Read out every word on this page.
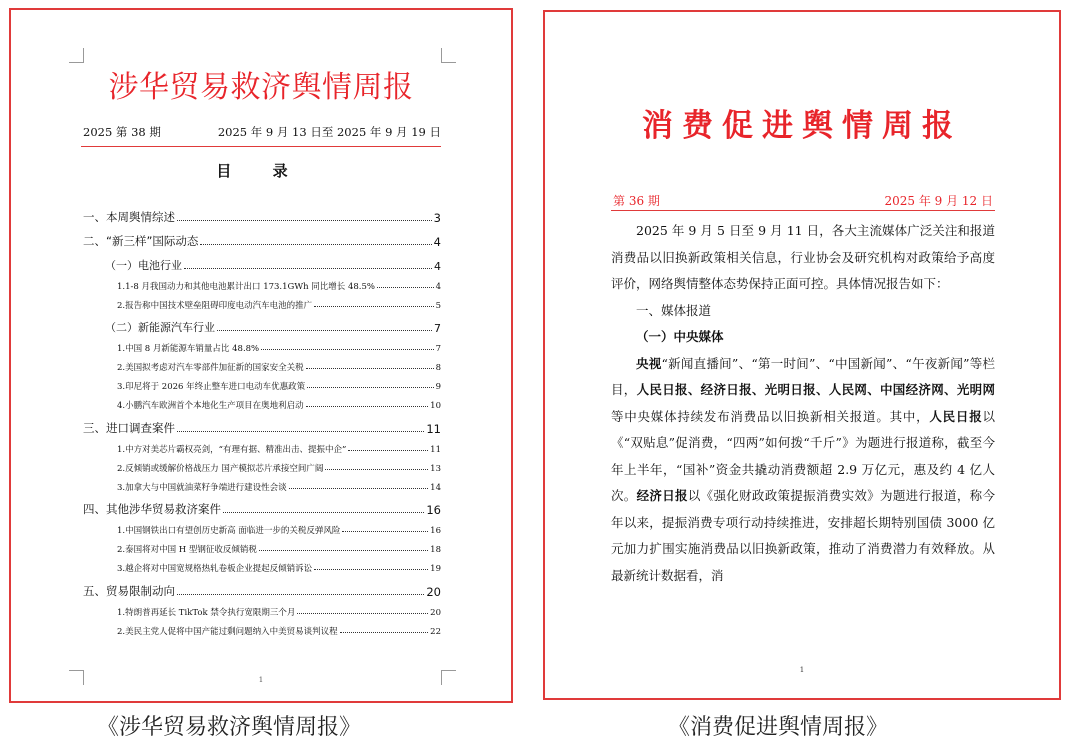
涉华贸易救济舆情周报
2025 第 38 期	2025 年 9 月 13 日至 2025 年 9 月 19 日
目 录
一、本周舆情综述	3
二、“新三样”国际动态	4
（一）电池行业	4
1.1-8 月我国动力和其他电池累计出口 173.1GWh 同比增长 48.5%	4
2.报告称中国技术壁垒阻碍印度电动汽车电池的推广	5
（二）新能源汽车行业	7
1.中国 8 月新能源车销量占比 48.8%	7
2.美国拟考虑对汽车零部件加征新的国家安全关税	8
3.印尼将于 2026 年终止整车进口电动车优惠政策	9
4.小鹏汽车欧洲首个本地化生产项目在奥地利启动	10
三、进口调查案件	11
1.中方对美芯片霸权亮剑，“有理有据、精准出击、提振中企”	11
2.反倾销或缓解价格战压力 国产模拟芯片承接空间广阔	13
3.加拿大与中国就油菜籽争端进行建设性会谈	14
四、其他涉华贸易救济案件	16
1.中国钢铁出口有望创历史新高 面临进一步的关税反弹风险	16
2.泰国将对中国 H 型钢征收反倾销税	18
3.越企将对中国宽规格热轧卷板企业提起反倾销诉讼	19
五、贸易限制动向	20
1.特朗普再延长 TikTok 禁令执行宽限期三个月	20
2.美民主党人促将中国产能过剩问题纳入中美贸易谈判议程	22
1
消费促进舆情周报
第 36 期	2025 年 9 月 12 日

2025 年 9 月 5 日至 9 月 11 日，各大主流媒体广泛关注和报道消费品以旧换新政策相关信息，行业协会及研究机构对政策给予高度评价，网络舆情整体态势保持正面可控。具体情况报告如下：

一、媒体报道

（一）中央媒体

央视“新闻直播间”、“第一时间”、“中国新闻”、“午夜新闻”等栏目，人民日报、经济日报、光明日报、人民网、中国经济网、光明网等中央媒体持续发布消费品以旧换新相关报道。其中，人民日报以《“双贴息”促消费，“四两”如何拨“千斤”》为题进行报道称，截至今年上半年，“国补”资金共撬动消费额超 2.9 万亿元，惠及约 4 亿人次。经济日报以《强化财政政策提振消费实效》为题进行报道，称今年以来，提振消费专项行动持续推进，安排超长期特别国债 3000 亿元加力扩围实施消费品以旧换新政策，推动了消费潜力有效释放。从最新统计数据看，消

1
《涉华贸易救济舆情周报》	《消费促进舆情周报》
